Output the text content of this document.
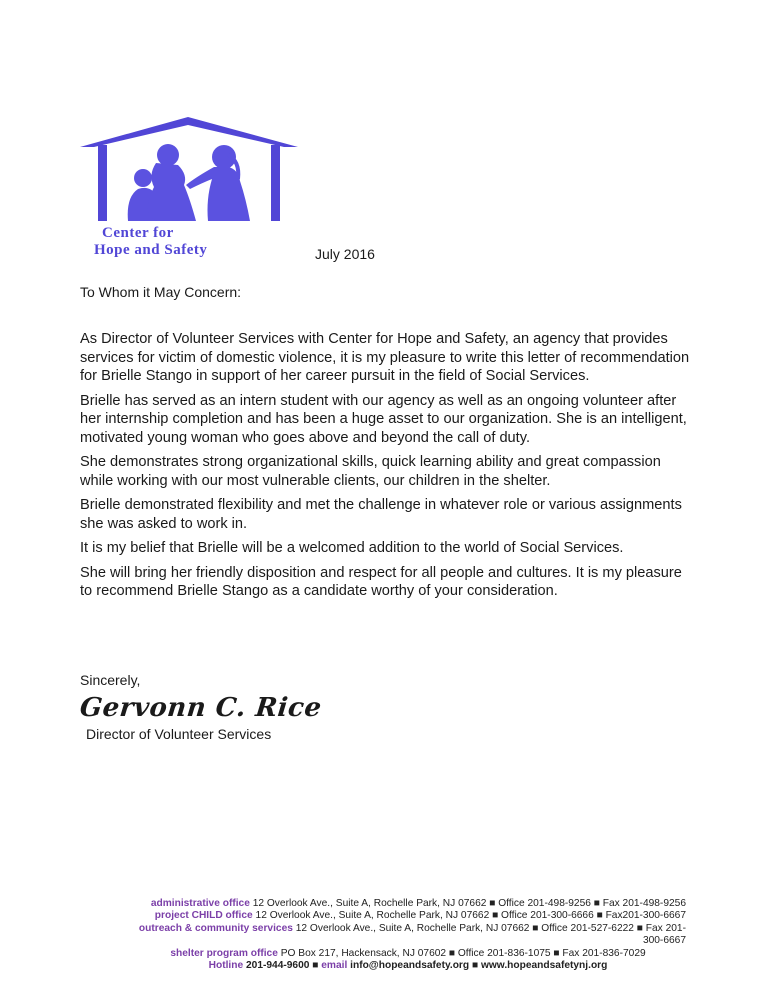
Center for
Hope and Safety	July 2016
To Whom it May Concern:

As Director of Volunteer Services with Center for Hope and Safety, an agency that provides services for victim of domestic violence, it is my pleasure to write this letter of recommendation for Brielle Stango in support of her career pursuit in the field of Social Services.

Brielle has served as an intern student with our agency as well as an ongoing volunteer after her internship completion and has been a huge asset to our organization. She is an intelligent, motivated young woman who goes above and beyond the call of duty.

She demonstrates strong organizational skills, quick learning ability and great compassion while working with our most vulnerable clients, our children in the shelter.

Brielle demonstrated flexibility and met the challenge in whatever role or various assignments she was asked to work in.

It is my belief that Brielle will be a welcomed addition to the world of Social Services.

She will bring her friendly disposition and respect for all people and cultures. It is my pleasure to recommend Brielle Stango as a candidate worthy of your consideration.

Sincerely,
Gervonn C. Rice
Director of Volunteer Services
administrative office 12 Overlook Ave., Suite A, Rochelle Park, NJ 07662 ■ Office 201-498-9256 ■ Fax 201-498-9256
project CHILD office 12 Overlook Ave., Suite A, Rochelle Park, NJ 07662 ■ Office 201-300-6666 ■ Fax201-300-6667
outreach & community services 12 Overlook Ave., Suite A, Rochelle Park, NJ 07662 ■ Office 201-527-6222 ■ Fax 201-
300-6667
shelter program office PO Box 217, Hackensack, NJ 07602 ■ Office 201-836-1075 ■ Fax 201-836-7029
Hotline 201-944-9600 ■ email info@hopeandsafety.org ■ www.hopeandsafetynj.org
